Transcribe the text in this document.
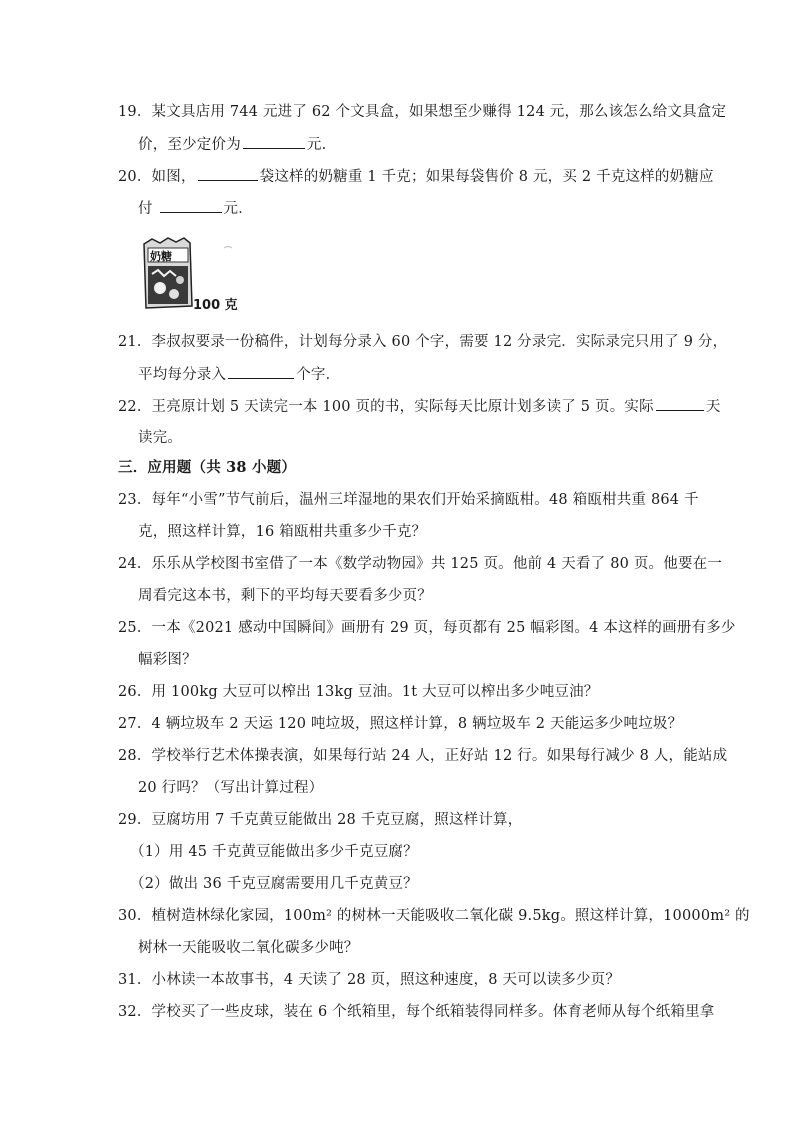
19．某文具店用 744 元进了 62 个文具盒，如果想至少赚得 124 元，那么该怎么给文具盒定
价，至少定价为	元.
20．如图，	袋这样的奶糖重 1 千克；如果每袋售价 8 元，买 2 千克这样的奶糖应
付	元．
奶糖
100 克
21．李叔叔要录一份稿件，计划每分录入 60 个字，需要 12 分录完．实际录完只用了 9 分，
平均每分录入	个字．
22．王亮原计划 5 天读完一本 100 页的书，实际每天比原计划多读了 5 页。实际	天
读完。
三．应用题（共 38 小题）
23．每年“小雪”节气前后，温州三垟湿地的果农们开始采摘瓯柑。48 箱瓯柑共重 864 千
克，照这样计算，16 箱瓯柑共重多少千克？
24．乐乐从学校图书室借了一本《数学动物园》共 125 页。他前 4 天看了 80 页。他要在一
周看完这本书，剩下的平均每天要看多少页？
25．一本《2021 感动中国瞬间》画册有 29 页，每页都有 25 幅彩图。4 本这样的画册有多少
幅彩图？
26．用 100kg 大豆可以榨出 13kg 豆油。1t 大豆可以榨出多少吨豆油？
27．4 辆垃圾车 2 天运 120 吨垃圾，照这样计算，8 辆垃圾车 2 天能运多少吨垃圾？
28．学校举行艺术体操表演，如果每行站 24 人，正好站 12 行。如果每行减少 8 人，能站成
20 行吗？（写出计算过程）
29．豆腐坊用 7 千克黄豆能做出 28 千克豆腐，照这样计算，
（1）用 45 千克黄豆能做出多少千克豆腐？
（2）做出 36 千克豆腐需要用几千克黄豆？
30．植树造林绿化家园，100m² 的树林一天能吸收二氧化碳 9.5kg。照这样计算，10000m² 的
树林一天能吸收二氧化碳多少吨？
31．小林读一本故事书，4 天读了 28 页，照这种速度，8 天可以读多少页？
32．学校买了一些皮球，装在 6 个纸箱里，每个纸箱装得同样多。体育老师从每个纸箱里拿
